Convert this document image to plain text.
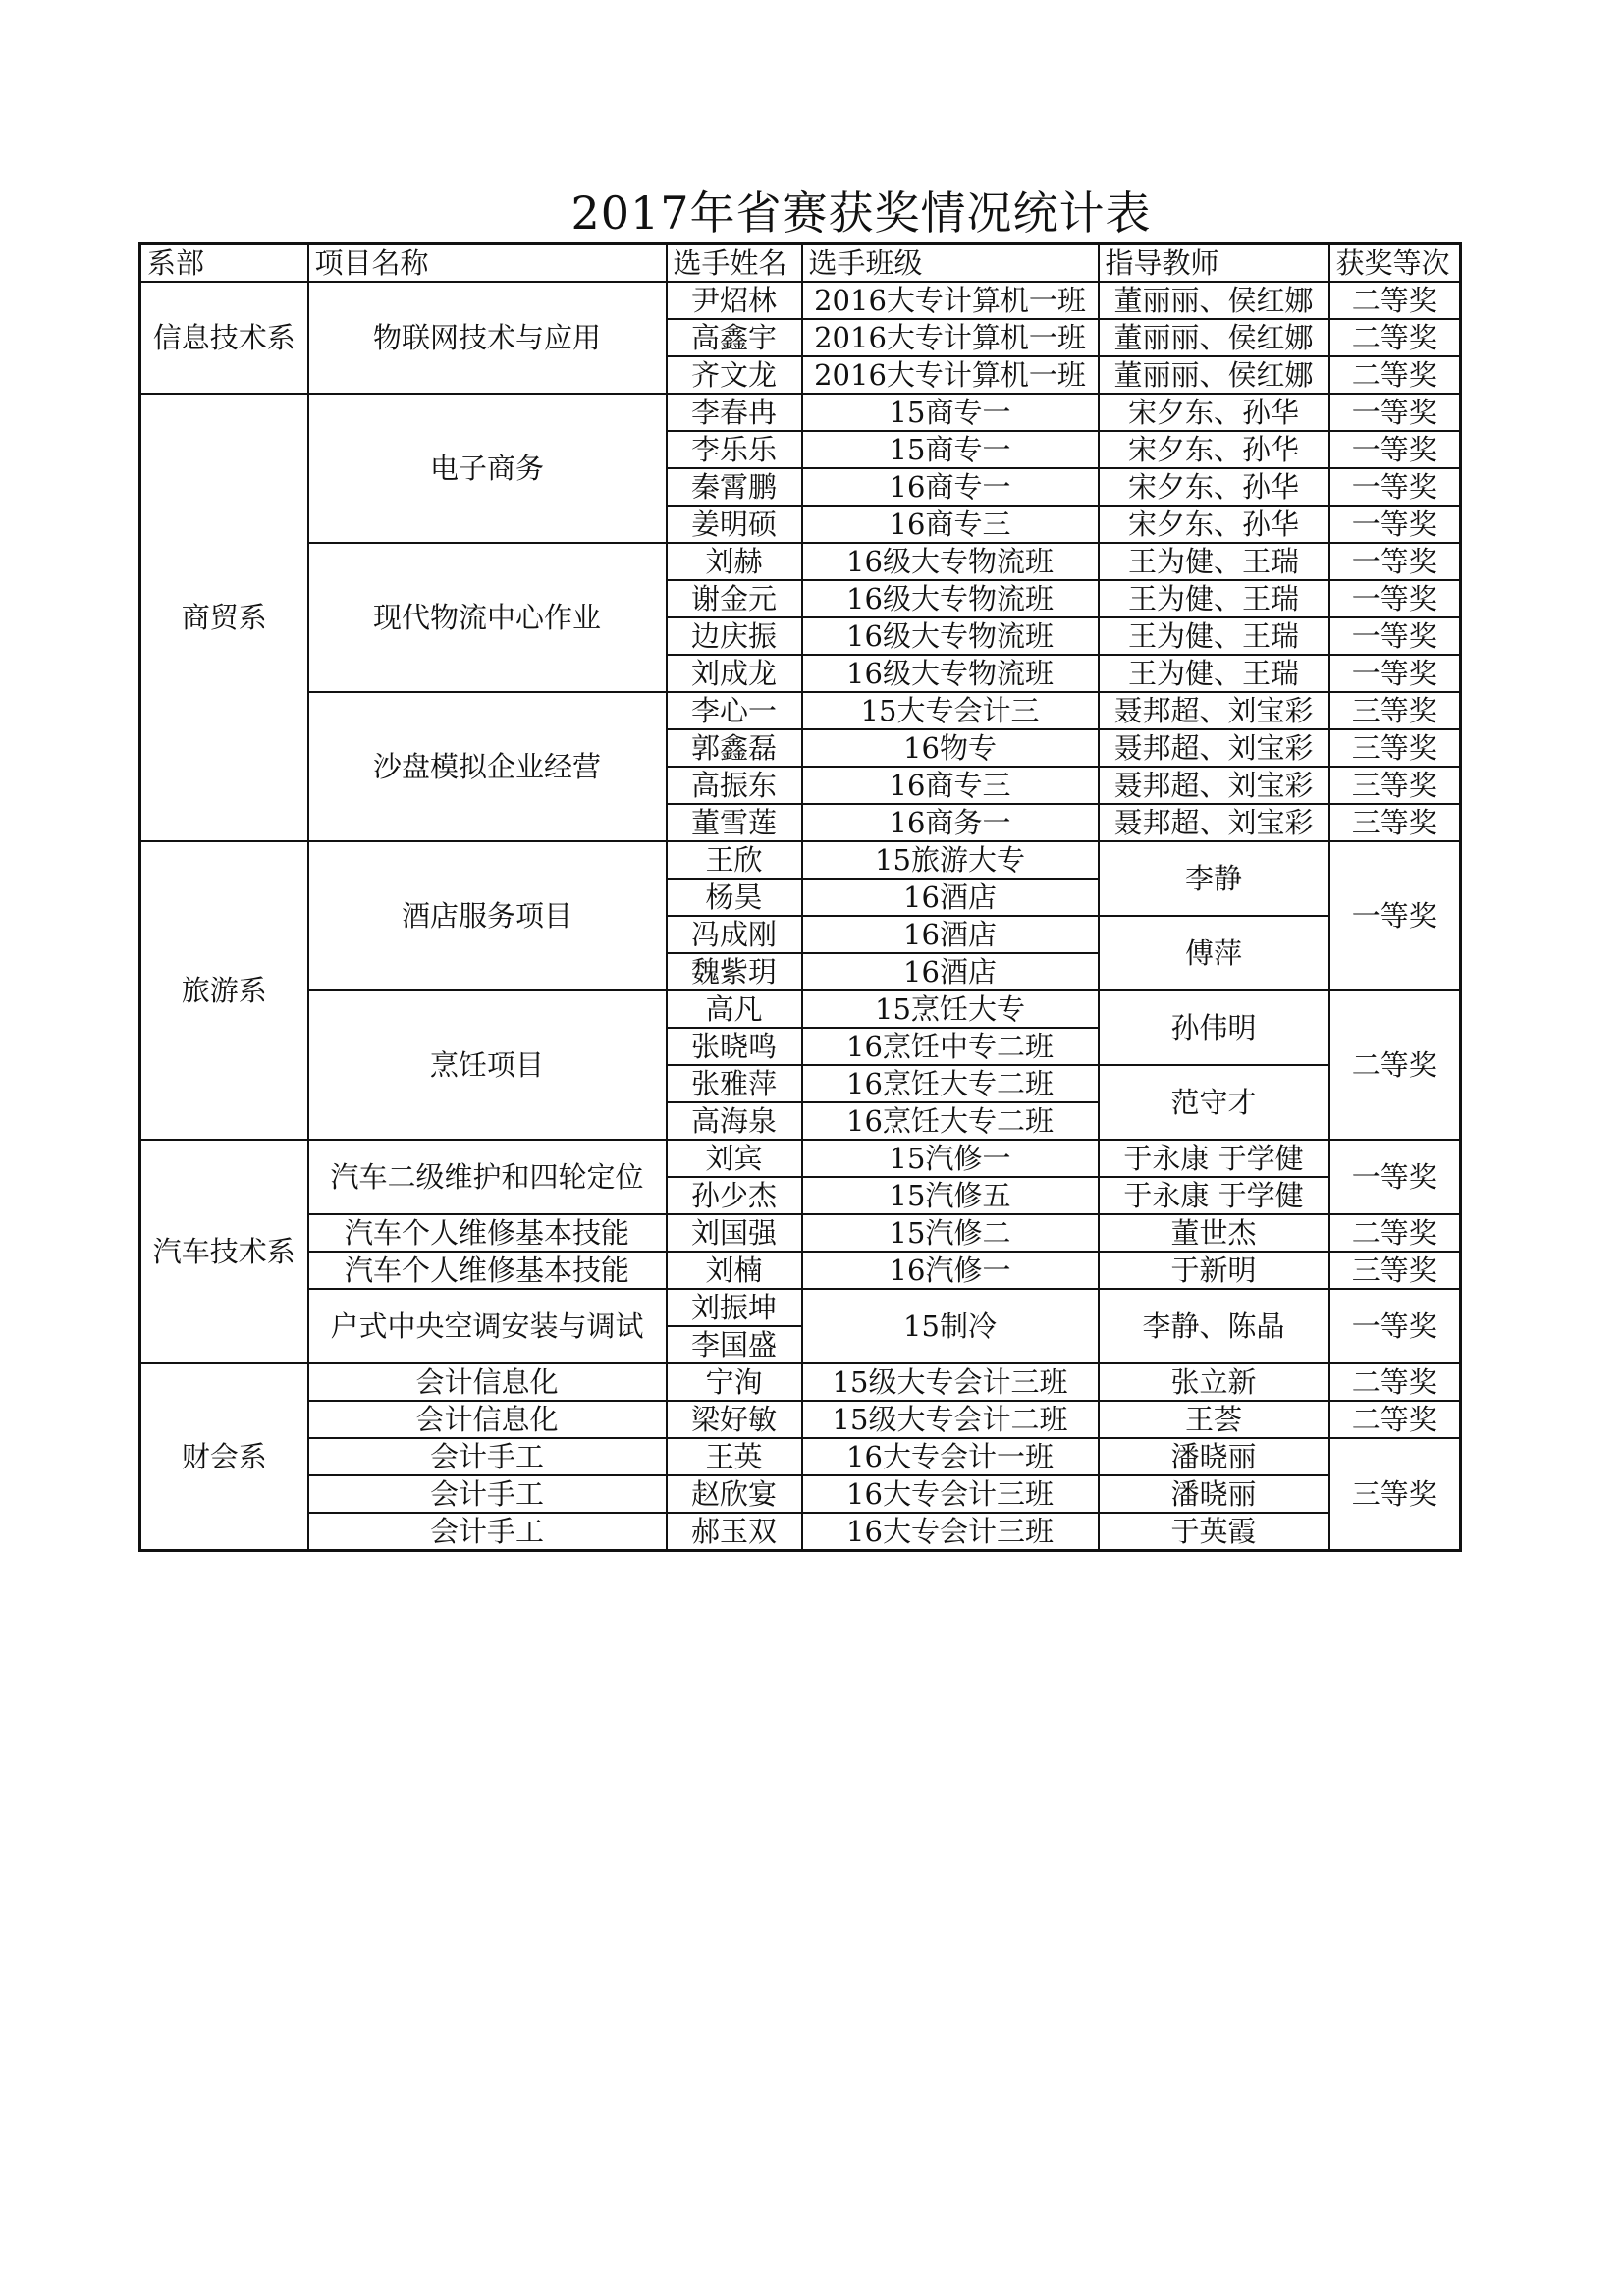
2017年省赛获奖情况统计表
系部	项目名称	选手姓名	选手班级	指导教师	获奖等次
信息技术系	物联网技术与应用	尹炤林	2016大专计算机一班	董丽丽、侯红娜	二等奖
		高鑫宇	2016大专计算机一班	董丽丽、侯红娜	二等奖
		齐文龙	2016大专计算机一班	董丽丽、侯红娜	二等奖
商贸系	电子商务	李春冉	15商专一	宋夕东、孙华	一等奖
		李乐乐	15商专一	宋夕东、孙华	一等奖
		秦霄鹏	16商专一	宋夕东、孙华	一等奖
		姜明硕	16商专三	宋夕东、孙华	一等奖
	现代物流中心作业	刘赫	16级大专物流班	王为健、王瑞	一等奖
		谢金元	16级大专物流班	王为健、王瑞	一等奖
		边庆振	16级大专物流班	王为健、王瑞	一等奖
		刘成龙	16级大专物流班	王为健、王瑞	一等奖
	沙盘模拟企业经营	李心一	15大专会计三	聂邦超、刘宝彩	三等奖
		郭鑫磊	16物专	聂邦超、刘宝彩	三等奖
		高振东	16商专三	聂邦超、刘宝彩	三等奖
		董雪莲	16商务一	聂邦超、刘宝彩	三等奖
旅游系	酒店服务项目	王欣	15旅游大专	李静	一等奖
		杨昊	16酒店		
		冯成刚	16酒店	傅萍	
		魏紫玥	16酒店		
	烹饪项目	高凡	15烹饪大专	孙伟明	二等奖
		张晓鸣	16烹饪中专二班		
		张雅萍	16烹饪大专二班	范守才	
		高海泉	16烹饪大专二班		
汽车技术系	汽车二级维护和四轮定位	刘宾	15汽修一	于永康 于学健	一等奖
		孙少杰	15汽修五	于永康 于学健	
	汽车个人维修基本技能	刘国强	15汽修二	董世杰	二等奖
	汽车个人维修基本技能	刘楠	16汽修一	于新明	三等奖
	户式中央空调安装与调试	刘振坤	15制冷	李静、陈晶	一等奖
		李国盛			
财会系	会计信息化	宁洵	15级大专会计三班	张立新	二等奖
	会计信息化	梁好敏	15级大专会计二班	王荟	二等奖
	会计手工	王英	16大专会计一班	潘晓丽	三等奖
	会计手工	赵欣宴	16大专会计三班	潘晓丽	
	会计手工	郝玉双	16大专会计三班	于英霞	
